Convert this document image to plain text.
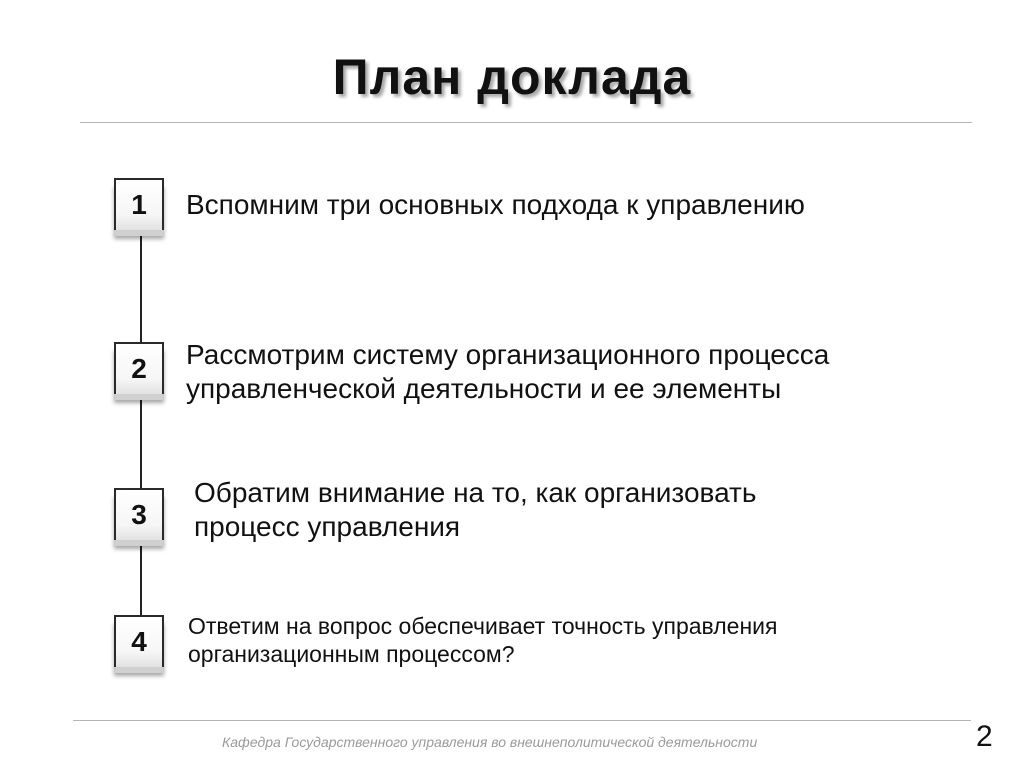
План доклада
1	Вспомним три основных подхода к управлению
2	Рассмотрим систему организационного процесса
управленческой деятельности и ее элементы
3
Обратим внимание на то, как организовать
процесс управления
4	Ответим на вопрос обеспечивает точность управления
организационным процессом?
Кафедра Государственного управления во внешнеполитической деятельности	2
